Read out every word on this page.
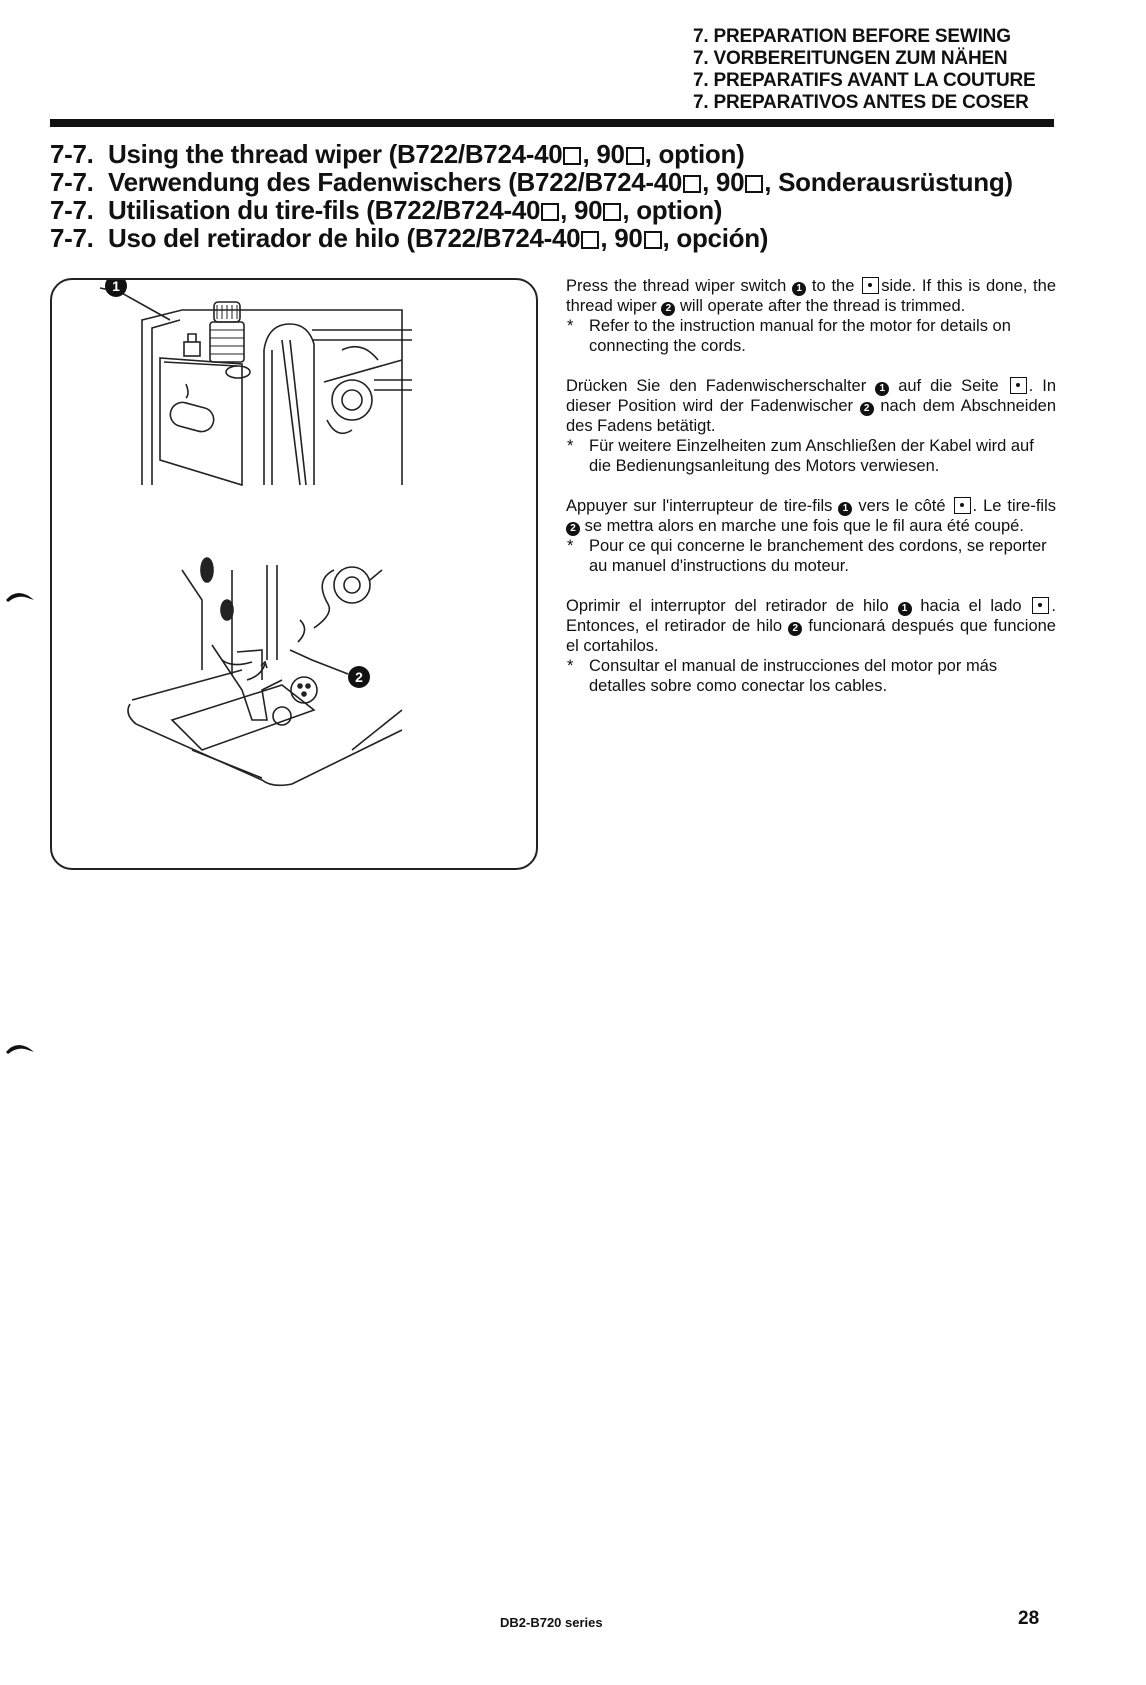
7. PREPARATION BEFORE SEWING
7. VORBEREITUNGEN ZUM NÄHEN
7. PREPARATIFS AVANT LA COUTURE
7. PREPARATIVOS ANTES DE COSER
7-7. Using the thread wiper (B722/B724-40 , 90 , option)
7-7. Verwendung des Fadenwischers (B722/B724-40 , 90 , Sonderausrüstung)
7-7. Utilisation du tire-fils (B722/B724-40 , 90 , option)
7-7. Uso del retirador de hilo (B722/B724-40 , 90 , opción)
1
2

Press the thread wiper switch 1 to the side. If this is done, the thread wiper 2 will operate after the thread is trimmed.

* Refer to the instruction manual for the motor for details on connecting the cords.

Drücken Sie den Fadenwischerschalter 1 auf die Seite . In dieser Position wird der Fadenwischer 2 nach dem Abschneiden des Fadens betätigt.

* Für weitere Einzelheiten zum Anschließen der Kabel wird auf die Bedienungsanleitung des Motors verwiesen.

Appuyer sur l'interrupteur de tire-fils 1 vers le côté . Le tire-fils 2 se mettra alors en marche une fois que le fil aura été coupé.

* Pour ce qui concerne le branchement des cordons, se reporter au manuel d'instructions du moteur.

Oprimir el interruptor del retirador de hilo 1 hacia el lado . Entonces, el retirador de hilo 2 funcionará después que funcione el cortahilos.

* Consultar el manual de instrucciones del motor por más detalles sobre como conectar los cables.

DB2-B720 series	28
